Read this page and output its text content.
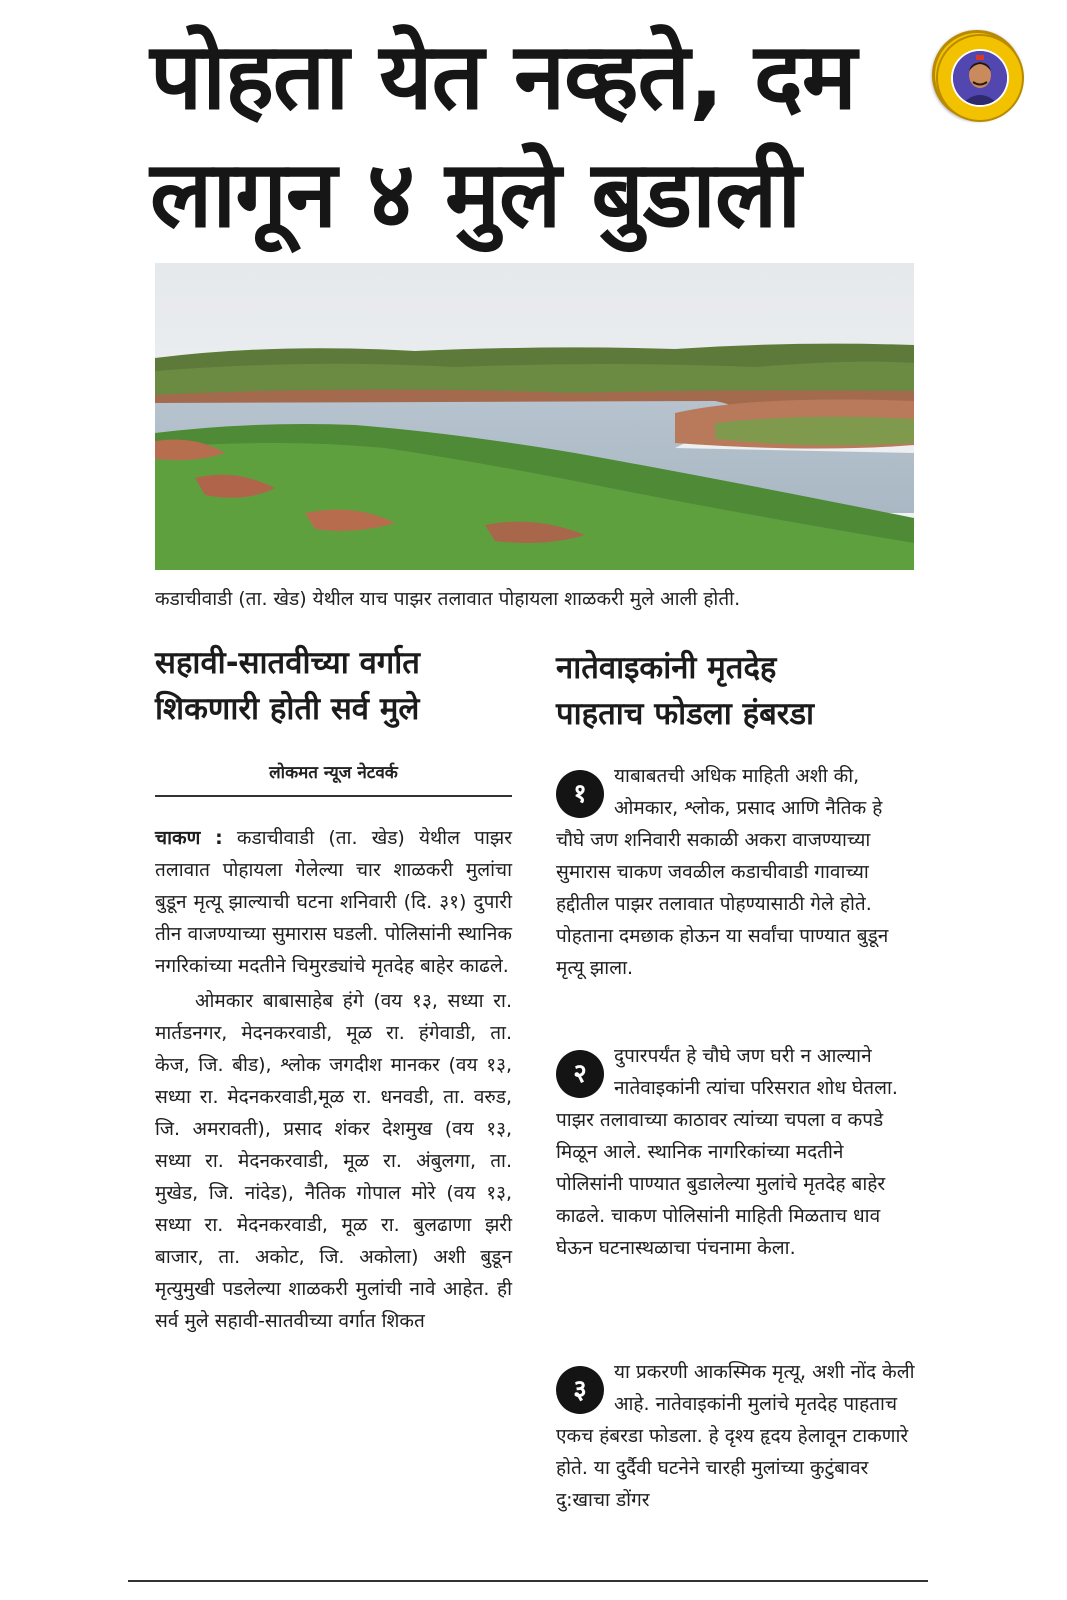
पोहता येत नव्हते, दम
लागून ४ मुले बुडाली
कडाचीवाडी (ता. खेड) येथील याच पाझर तलावात पोहायला शाळकरी मुले आली होती.
सहावी-सातवीच्या वर्गात
शिकणारी होती सर्व मुले
लोकमत न्यूज नेटवर्क

चाकण : कडाचीवाडी (ता. खेड) येथील पाझर तलावात पोहायला गेलेल्या चार शाळकरी मुलांचा बुडून मृत्यू झाल्याची घटना शनिवारी (दि. ३१) दुपारी तीन वाजण्याच्या सुमारास घडली. पोलिसांनी स्थानिक नगरिकांच्या मदतीने चिमुरड्यांचे मृतदेह बाहेर काढले.

ओमकार बाबासाहेब हंगे (वय १३, सध्या रा. मार्तडनगर, मेदनकरवाडी, मूळ रा. हंगेवाडी, ता. केज, जि. बीड), श्लोक जगदीश मानकर (वय १३, सध्या रा. मेदनकरवाडी,मूळ रा. धनवडी, ता. वरुड, जि. अमरावती), प्रसाद शंकर देशमुख (वय १३, सध्या रा. मेदनकरवाडी, मूळ रा. अंबुलगा, ता. मुखेड, जि. नांदेड), नैतिक गोपाल मोरे (वय १३, सध्या रा. मेदनकरवाडी, मूळ रा. बुलढाणा झरी बाजार, ता. अकोट, जि. अकोला) अशी बुडून मृत्युमुखी पडलेल्या शाळकरी मुलांची नावे आहेत. ही सर्व मुले सहावी-सातवीच्या वर्गात शिकत

नातेवाइकांनी मृतदेह
पाहताच फोडला हंबरडा
१
याबाबतची अधिक माहिती अशी की, ओमकार, श्लोक, प्रसाद आणि नैतिक हे चौघे जण शनिवारी सकाळी अकरा वाजण्याच्या सुमारास चाकण जवळील कडाचीवाडी गावाच्या हद्दीतील पाझर तलावात पोहण्यासाठी गेले होते. पोहताना दमछाक होऊन या सर्वांचा पाण्यात बुडून मृत्यू झाला.
२
दुपारपर्यंत हे चौघे जण घरी न आल्याने नातेवाइकांनी त्यांचा परिसरात शोध घेतला. पाझर तलावाच्या काठावर त्यांच्या चपला व कपडे मिळून आले. स्थानिक नागरिकांच्या मदतीने पोलिसांनी पाण्यात बुडालेल्या मुलांचे मृतदेह बाहेर काढले. चाकण पोलिसांनी माहिती मिळताच धाव घेऊन घटनास्थळाचा पंचनामा केला.
३
या प्रकरणी आकस्मिक मृत्यू, अशी नोंद केली आहे. नातेवाइकांनी मुलांचे मृतदेह पाहताच एकच हंबरडा फोडला. हे दृश्य हृदय हेलावून टाकणारे होते. या दुर्दैवी घटनेने चारही मुलांच्या कुटुंबावर दु:खाचा डोंगर
